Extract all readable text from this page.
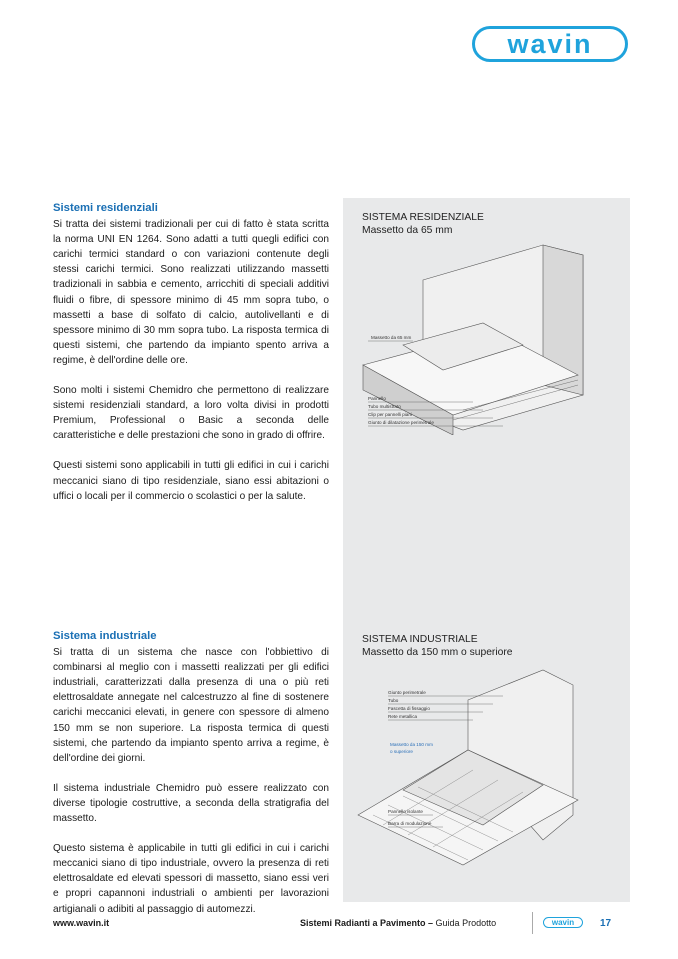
wavin
Sistemi residenziali

Si tratta dei sistemi tradizionali per cui di fatto è stata scritta la norma UNI EN 1264. Sono adatti a tutti quegli edifici con carichi termici standard o con variazioni contenute degli stessi carichi termici. Sono realizzati utilizzando massetti tradizionali in sabbia e cemento, arricchiti di speciali additivi fluidi o fibre, di spessore minimo di 45 mm sopra tubo, o massetti a base di solfato di calcio, autolivellanti e di spessore minimo di 30 mm sopra tubo. La risposta termica di questi sistemi, che partendo da impianto spento arriva a regime, è dell'ordine delle ore.

Sono molti i sistemi Chemidro che permettono di realizzare sistemi residenziali standard, a loro volta divisi in prodotti Premium, Professional o Basic a seconda delle caratteristiche e delle prestazioni che sono in grado di offrire.

Questi sistemi sono applicabili in tutti gli edifici in cui i carichi meccanici siano di tipo residenziale, siano essi abitazioni o uffici o locali per il commercio o scolastici o per la salute.

Sistema industriale

Si tratta di un sistema che nasce con l'obbiettivo di combinarsi al meglio con i massetti realizzati per gli edifici industriali, caratterizzati dalla presenza di una o più reti elettrosaldate annegate nel calcestruzzo al fine di sostenere carichi meccanici elevati, in genere con spessore di almeno 150 mm se non superiore. La risposta termica di questi sistemi, che partendo da impianto spento arriva a regime, è dell'ordine dei giorni.

Il sistema industriale Chemidro può essere realizzato con diverse tipologie costruttive, a seconda della stratigrafia del massetto.

Questo sistema è applicabile in tutti gli edifici in cui i carichi meccanici siano di tipo industriale, ovvero la presenza di reti elettrosaldate ed elevati spessori di massetto, siano essi veri e propri capannoni industriali o ambienti per lavorazioni artigianali o adibiti al passaggio di automezzi.

SISTEMA RESIDENZIALE
Massetto da 65 mm
Massetto da 65 mm
Pannello
Tubo multistrato
Clip per pannelli piani
Giunto di dilatazione perimetrale
SISTEMA INDUSTRIALE
Massetto da 150 mm o superiore
Giunto perimetrale
Tubo
Fascetta di fissaggio
Rete metallica
Massetto da 150 mm
o superiore
Pannello isolante
Barra di modulazione
www.wavin.it	Sistemi Radianti a Pavimento – Guida Prodotto	wavin	17
